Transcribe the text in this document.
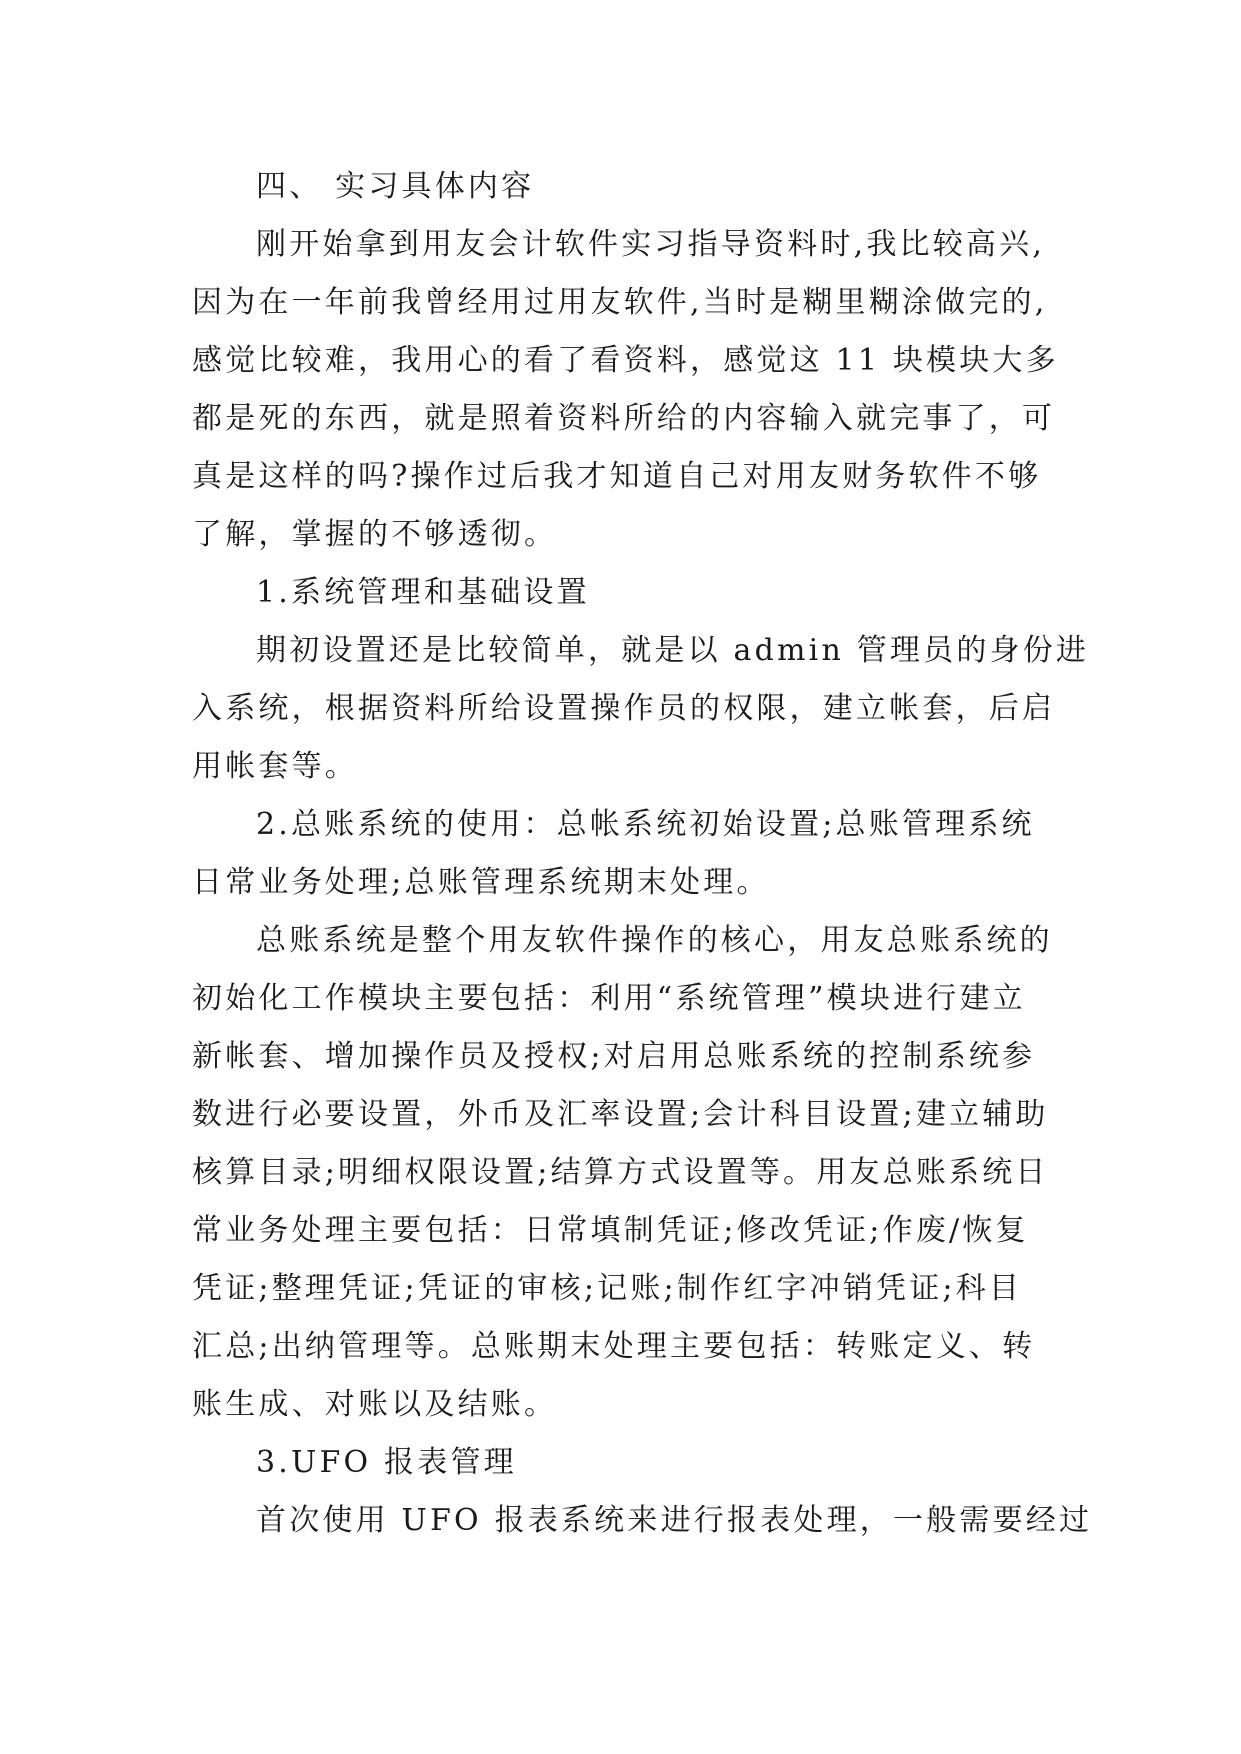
四、 实习具体内容
刚开始拿到用友会计软件实习指导资料时,我比较高兴,
因为在一年前我曾经用过用友软件,当时是糊里糊涂做完的,
感觉比较难，我用心的看了看资料，感觉这 11 块模块大多
都是死的东西，就是照着资料所给的内容输入就完事了，可
真是这样的吗?操作过后我才知道自己对用友财务软件不够
了解，掌握的不够透彻。
1.系统管理和基础设置
期初设置还是比较简单，就是以 admin 管理员的身份进
入系统，根据资料所给设置操作员的权限，建立帐套，后启
用帐套等。
2.总账系统的使用：总帐系统初始设置;总账管理系统
日常业务处理;总账管理系统期末处理。
总账系统是整个用友软件操作的核心，用友总账系统的
初始化工作模块主要包括：利用“系统管理”模块进行建立
新帐套、增加操作员及授权;对启用总账系统的控制系统参
数进行必要设置，外币及汇率设置;会计科目设置;建立辅助
核算目录;明细权限设置;结算方式设置等。用友总账系统日
常业务处理主要包括：日常填制凭证;修改凭证;作废/恢复
凭证;整理凭证;凭证的审核;记账;制作红字冲销凭证;科目
汇总;出纳管理等。总账期末处理主要包括：转账定义、转
账生成、对账以及结账。
3.UFO 报表管理
首次使用 UFO 报表系统来进行报表处理，一般需要经过
